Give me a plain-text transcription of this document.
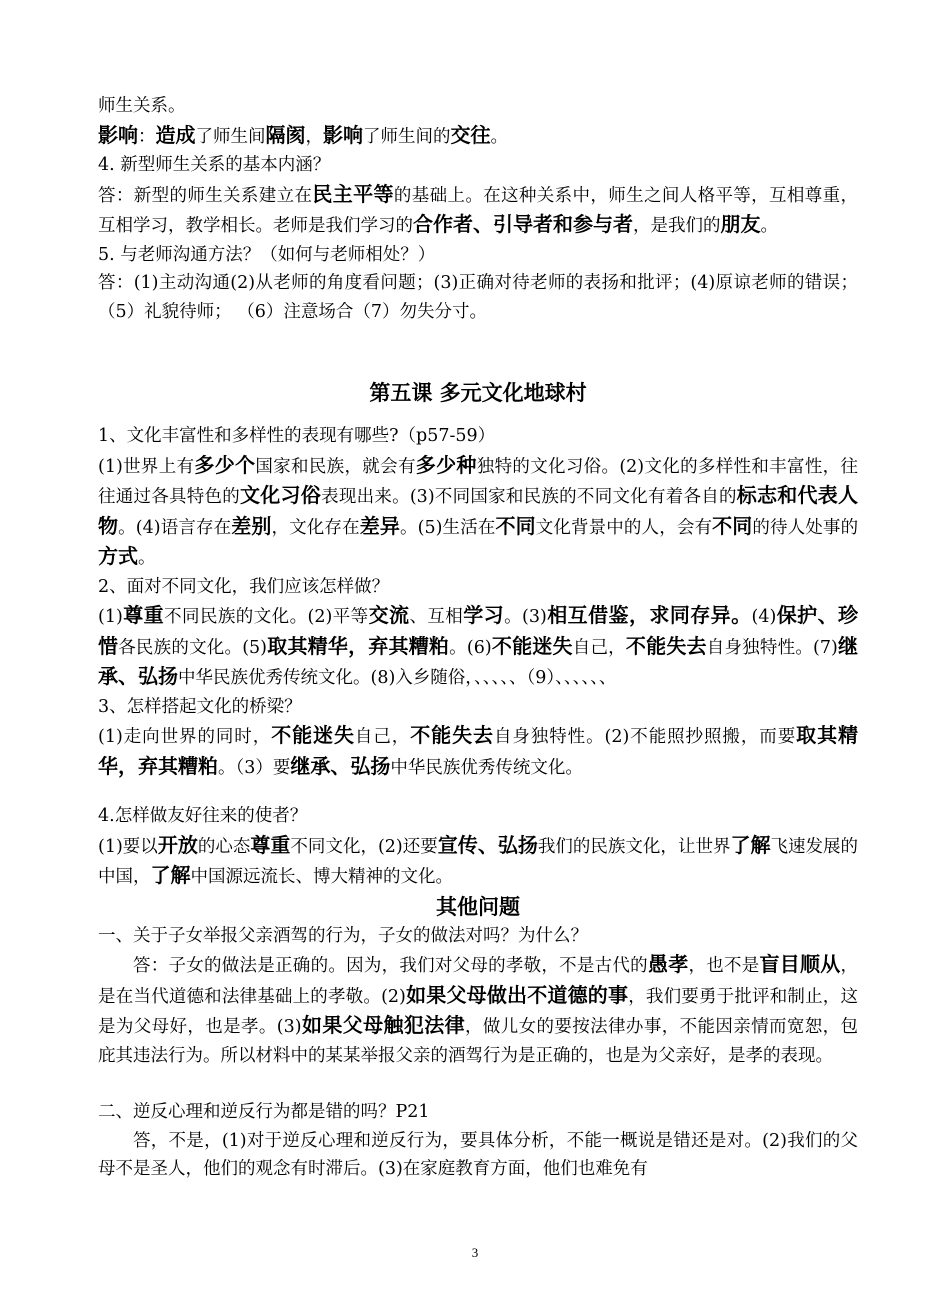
师生关系。

影响：造成了师生间隔阂，影响了师生间的交往。

4. 新型师生关系的基本内涵？

答：新型的师生关系建立在民主平等的基础上。在这种关系中，师生之间人格平等，互相尊重，互相学习，教学相长。老师是我们学习的合作者、引导者和参与者，是我们的朋友。

5. 与老师沟通方法？（如何与老师相处？）

答：(1)主动沟通(2)从老师的角度看问题；(3)正确对待老师的表扬和批评；(4)原谅老师的错误； （5）礼貌待师； （6）注意场合（7）勿失分寸。

第五课 多元文化地球村

1、文化丰富性和多样性的表现有哪些?（p57-59）

(1)世界上有多少个国家和民族，就会有多少种独特的文化习俗。(2)文化的多样性和丰富性，往往通过各具特色的文化习俗表现出来。(3)不同国家和民族的不同文化有着各自的标志和代表人物。(4)语言存在差别，文化存在差异。(5)生活在不同文化背景中的人，会有不同的待人处事的方式。

2、面对不同文化，我们应该怎样做？

(1)尊重不同民族的文化。(2)平等交流、互相学习。(3)相互借鉴，求同存异。(4)保护、珍惜各民族的文化。(5)取其精华，弃其糟粕。(6)不能迷失自己，不能失去自身独特性。(7)继承、弘扬中华民族优秀传统文化。(8)入乡随俗，、、、、、（9）、、、、、、

3、怎样搭起文化的桥梁？

(1)走向世界的同时，不能迷失自己，不能失去自身独特性。(2)不能照抄照搬，而要取其精华，弃其糟粕。（3）要继承、弘扬中华民族优秀传统文化。

4.怎样做友好往来的使者？

(1)要以开放的心态尊重不同文化，(2)还要宣传、弘扬我们的民族文化，让世界了解飞速发展的中国，了解中国源远流长、博大精神的文化。

其他问题

一、关于子女举报父亲酒驾的行为，子女的做法对吗？为什么？

答：子女的做法是正确的。因为，我们对父母的孝敬，不是古代的愚孝，也不是盲目顺从，是在当代道德和法律基础上的孝敬。(2)如果父母做出不道德的事，我们要勇于批评和制止，这是为父母好，也是孝。(3)如果父母触犯法律，做儿女的要按法律办事，不能因亲情而宽恕，包庇其违法行为。所以材料中的某某举报父亲的酒驾行为是正确的，也是为父亲好，是孝的表现。

二、逆反心理和逆反行为都是错的吗？P21

答，不是，(1)对于逆反心理和逆反行为，要具体分析，不能一概说是错还是对。(2)我们的父母不是圣人，他们的观念有时滞后。(3)在家庭教育方面，他们也难免有

3
